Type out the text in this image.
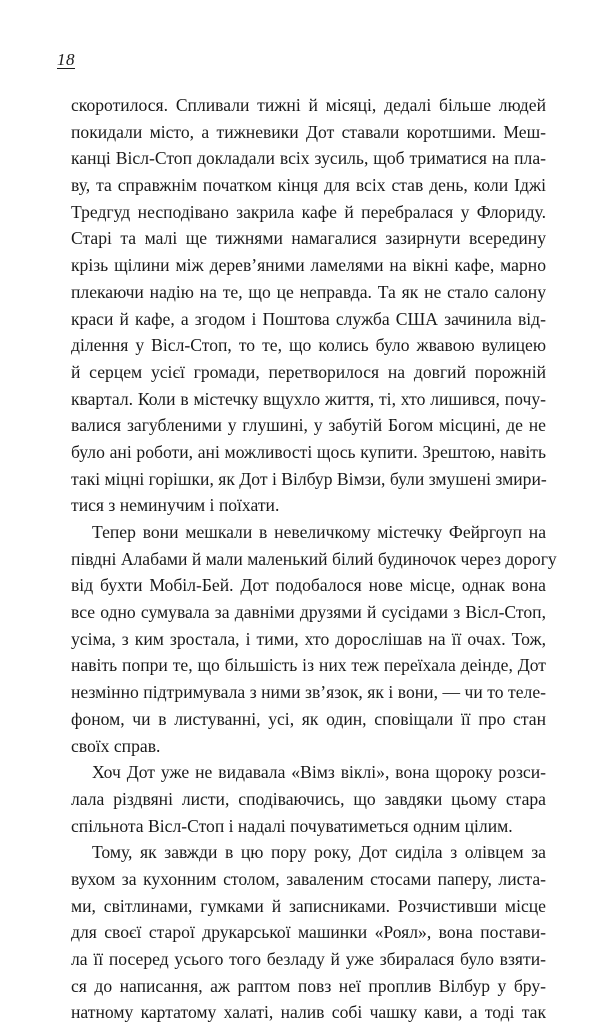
18
скоротилося. Спливали тижні й місяці, дедалі більше людей
покидали місто, а тижневики Дот ставали коротшими. Меш-
канці Вісл-Стоп докладали всіх зусиль, щоб триматися на пла-
ву, та справжнім початком кінця для всіх став день, коли Іджі
Тредгуд несподівано закрила кафе й перебралася у Флориду.
Старі та малі ще тижнями намагалися зазирнути всередину
крізь щілини між дерев’яними ламелями на вікні кафе, марно
плекаючи надію на те, що це неправда. Та як не стало салону
краси й кафе, а згодом і Поштова служба США зачинила від-
ділення у Вісл-Стоп, то те, що колись було жвавою вулицею
й серцем усієї громади, перетворилося на довгий порожній
квартал. Коли в містечку вщухло життя, ті, хто лишився, почу-
валися загубленими у глушині, у забутій Богом місцині, де не
було ані роботи, ані можливості щось купити. Зрештою, навіть
такі міцні горішки, як Дот і Вілбур Вімзи, були змушені змири-
тися з неминучим і поїхати.
Тепер вони мешкали в невеличкому містечку Фейргоуп на
півдні Алабами й мали маленький білий будиночок через дорогу
від бухти Мобіл-Бей. Дот подобалося нове місце, однак вона
все одно сумувала за давніми друзями й сусідами з Вісл-Стоп,
усіма, з ким зростала, і тими, хто дорослішав на її очах. Тож,
навіть попри те, що більшість із них теж переїхала деінде, Дот
незмінно підтримувала з ними зв’язок, як і вони, — чи то теле-
фоном, чи в листуванні, усі, як один, сповіщали її про стан
своїх справ.
Хоч Дот уже не видавала «Вімз віклі», вона щороку розси-
лала різдвяні листи, сподіваючись, що завдяки цьому стара
спільнота Вісл-Стоп і надалі почуватиметься одним цілим.
Тому, як завжди в цю пору року, Дот сиділа з олівцем за
вухом за кухонним столом, заваленим стосами паперу, листа-
ми, світлинами, гумками й записниками. Розчистивши місце
для своєї старої друкарської машинки «Роял», вона постави-
ла її посеред усього того безладу й уже збиралася було взяти-
ся до написання, аж раптом повз неї проплив Вілбур у бру-
натному картатому халаті, налив собі чашку кави, а тоді так
